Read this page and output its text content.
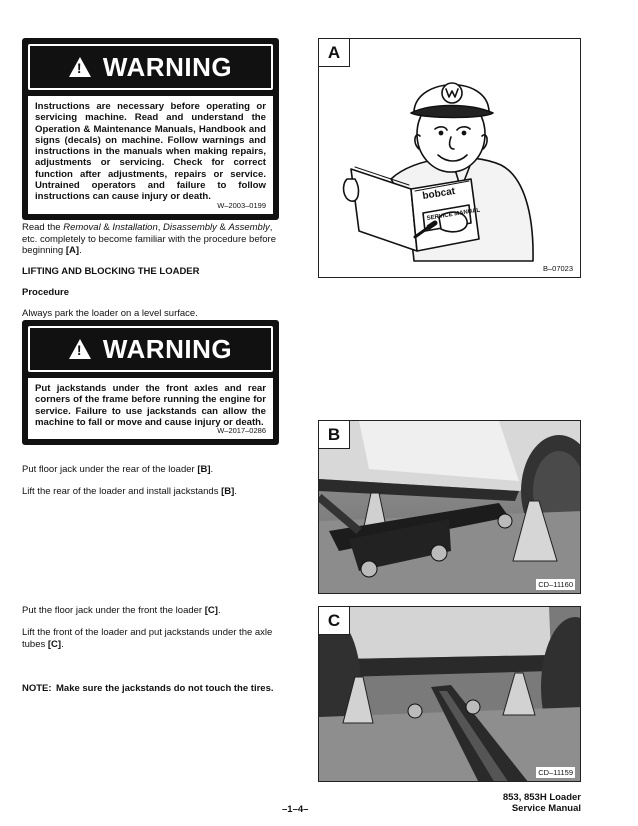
!
WARNING
Instructions are necessary before operating or servicing machine. Read and understand the Operation & Maintenance Manuals, Handbook and signs (decals) on machine. Follow warnings and instructions in the manuals when making repairs, adjustments or servicing. Check for correct function after adjustments, repairs or service. Untrained operators and failure to follow instructions can cause injury or death.
W–2003–0199
Read the Removal & Installation, Disassembly & Assembly, etc. completely to become familiar with the procedure before beginning [A].
LIFTING AND BLOCKING THE LOADER
Procedure
Always park the loader on a level surface.
!
WARNING
Put jackstands under the front axles and rear corners of the frame before running the engine for service. Failure to use jackstands can allow the machine to fall or move and cause injury or death.
W–2017–0286
Put floor jack under the rear of the loader [B].
Lift the rear of the loader and install jackstands [B].
Put the floor jack under the front the loader [C].
Lift the front of the loader and put jackstands under the axle tubes [C].
NOTE: Make sure the jackstands do not touch the tires.
A
bobcat
SERVICE MANUAL
B–07023
B
CD–11160
C
CD–11159
853, 853H Loader
Service Manual
–1–4–
